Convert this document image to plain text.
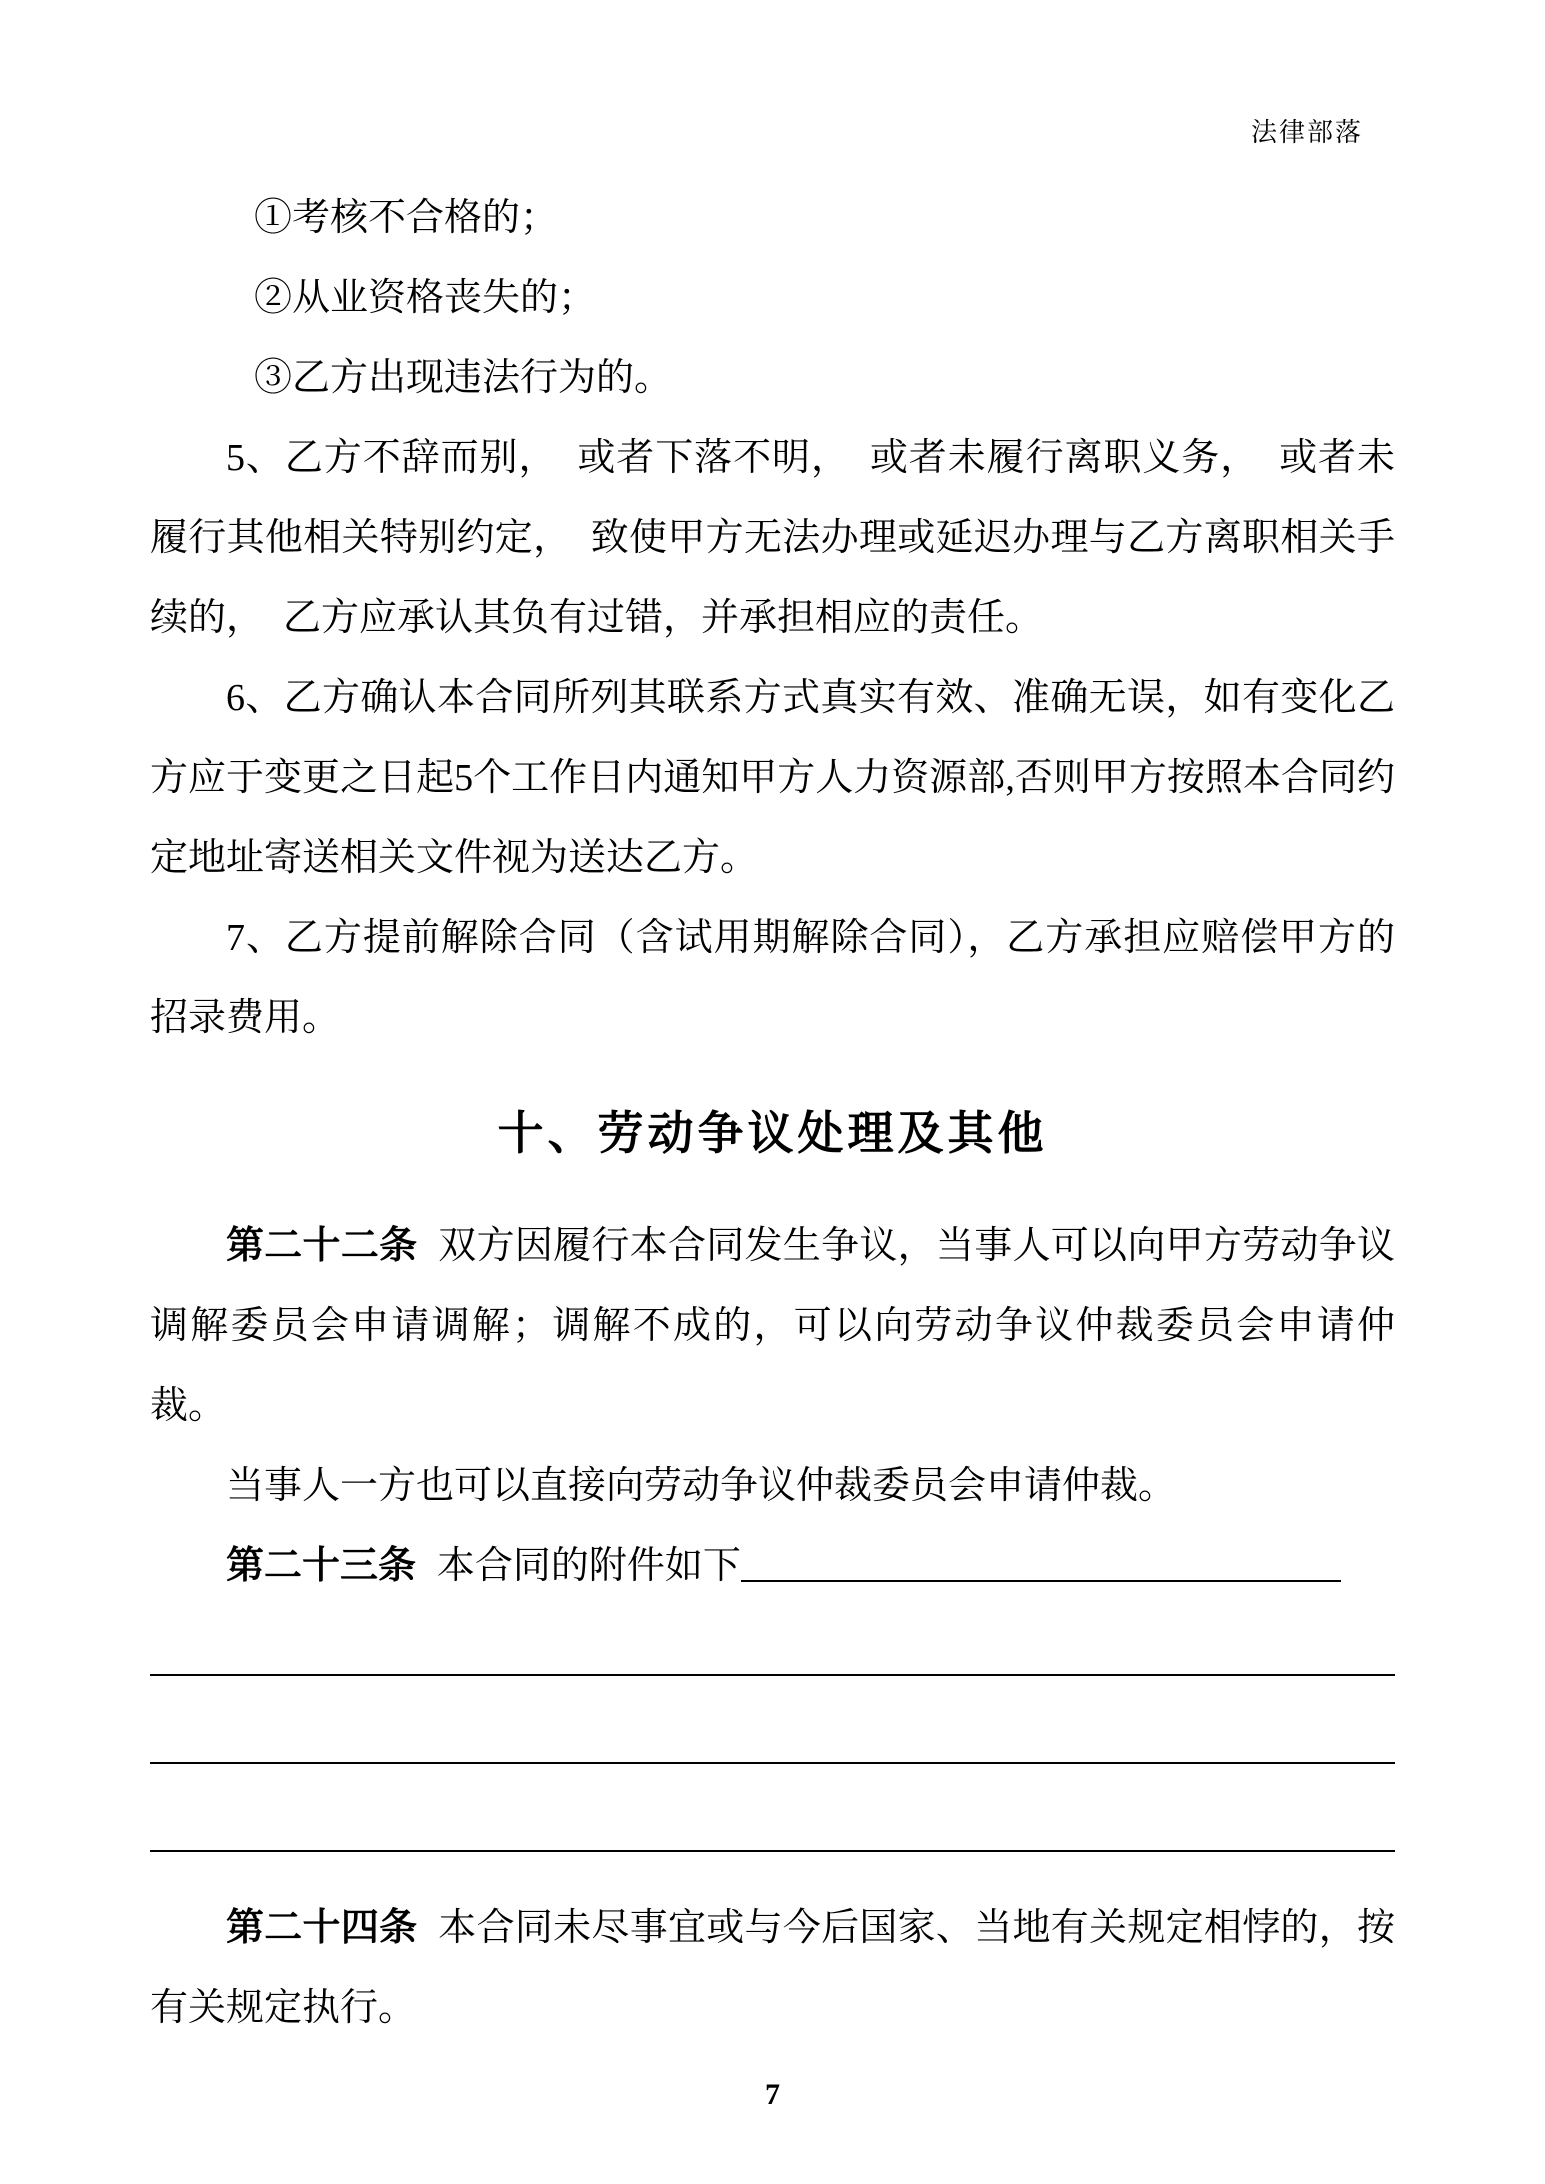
法律部落

①考核不合格的；

②从业资格丧失的；

③乙方出现违法行为的。

5、乙方不辞而别，　或者下落不明，　或者未履行离职义务，　或者未履行其他相关特别约定，　致使甲方无法办理或延迟办理与乙方离职相关手续的，　乙方应承认其负有过错，并承担相应的责任。

6、乙方确认本合同所列其联系方式真实有效、准确无误，如有变化乙方应于变更之日起5个工作日内通知甲方人力资源部,否则甲方按照本合同约定地址寄送相关文件视为送达乙方。

7、乙方提前解除合同（含试用期解除合同），乙方承担应赔偿甲方的招录费用。

十、劳动争议处理及其他

第二十二条 双方因履行本合同发生争议，当事人可以向甲方劳动争议调解委员会申请调解；调解不成的，可以向劳动争议仲裁委员会申请仲裁。

当事人一方也可以直接向劳动争议仲裁委员会申请仲裁。

第二十三条 本合同的附件如下

第二十四条 本合同未尽事宜或与今后国家、当地有关规定相悖的，按有关规定执行。

7
